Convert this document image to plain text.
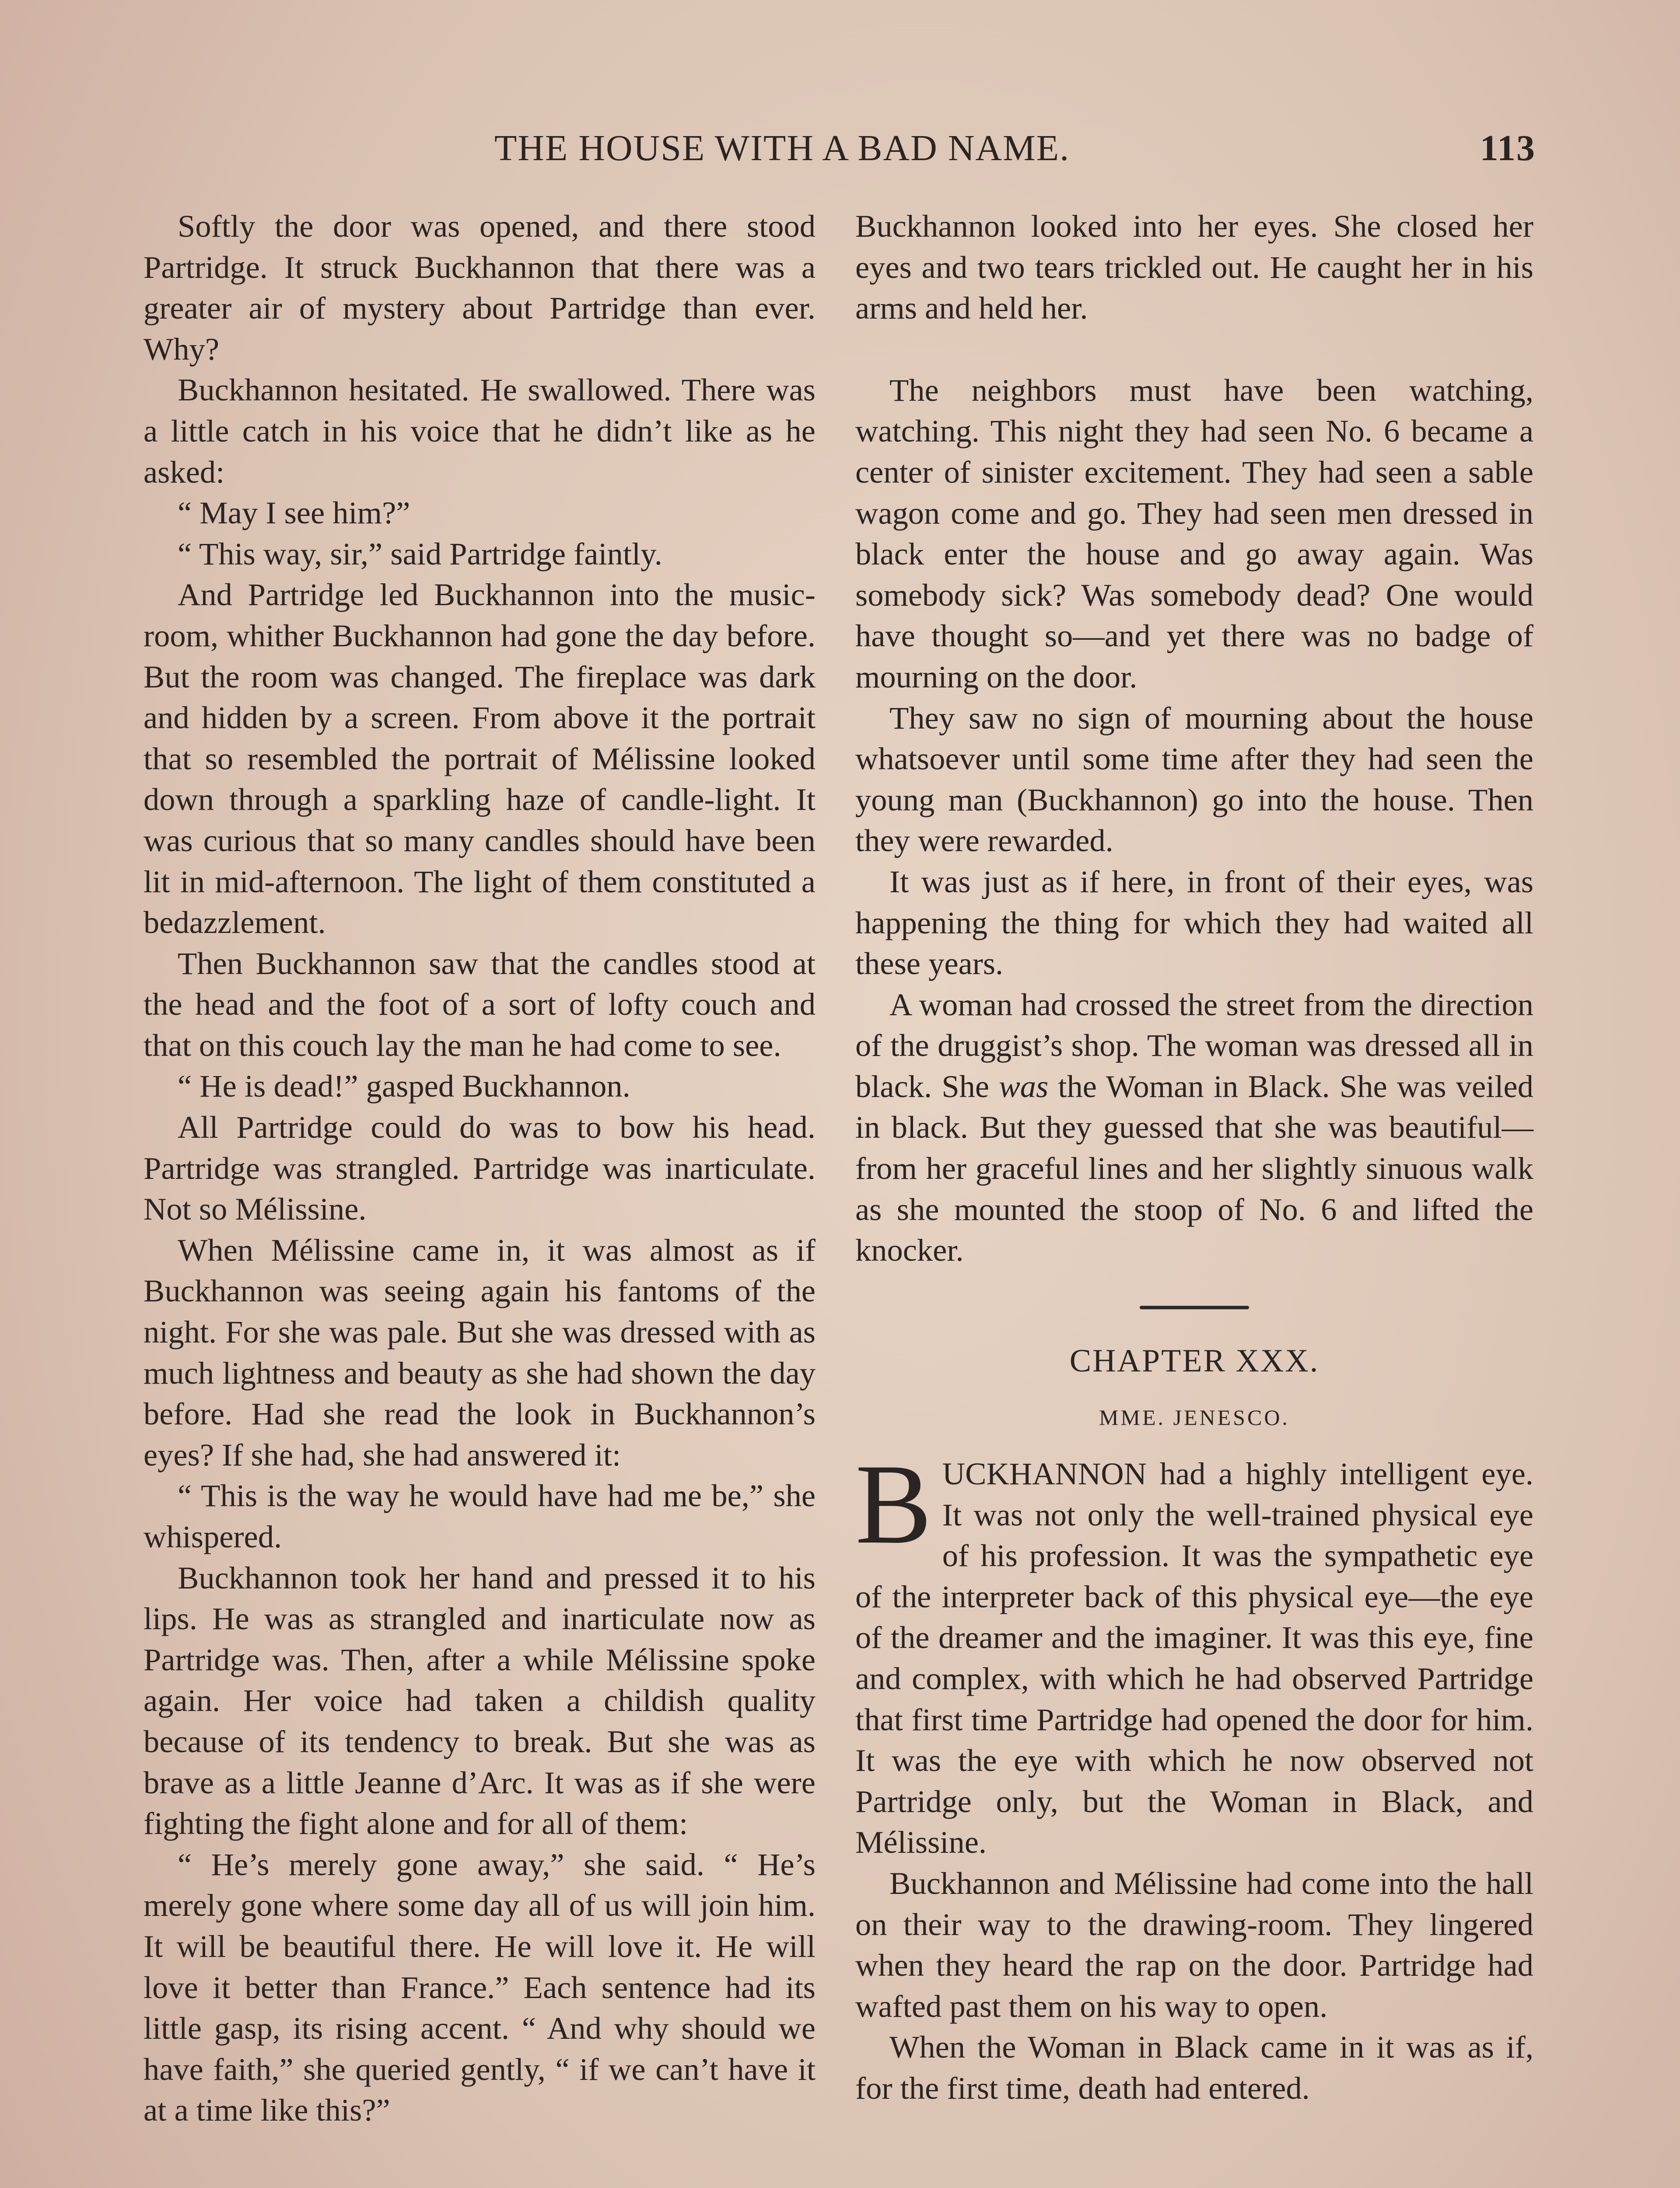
THE HOUSE WITH A BAD NAME.	113

Softly the door was opened, and there stood Partridge. It struck Buckhannon that there was a greater air of mystery about Partridge than ever. Why?

Buckhannon hesitated. He swallowed. There was a little catch in his voice that he didn’t like as he asked:

“ May I see him?”

“ This way, sir,” said Partridge faintly.

And Partridge led Buckhannon into the music-room, whither Buckhannon had gone the day before. But the room was changed. The fireplace was dark and hidden by a screen. From above it the portrait that so resembled the portrait of Mélissine looked down through a sparkling haze of candle-light. It was curious that so many candles should have been lit in mid-afternoon. The light of them constituted a bedazzlement.

Then Buckhannon saw that the candles stood at the head and the foot of a sort of lofty couch and that on this couch lay the man he had come to see.

“ He is dead!” gasped Buckhannon.

All Partridge could do was to bow his head. Partridge was strangled. Partridge was inarticulate. Not so Mélissine.

When Mélissine came in, it was almost as if Buckhannon was seeing again his fantoms of the night. For she was pale. But she was dressed with as much lightness and beauty as she had shown the day before. Had she read the look in Buckhannon’s eyes? If she had, she had answered it:

“ This is the way he would have had me be,” she whispered.

Buckhannon took her hand and pressed it to his lips. He was as strangled and inarticulate now as Partridge was. Then, after a while Mélissine spoke again. Her voice had taken a childish quality because of its tendency to break. But she was as brave as a little Jeanne d’Arc. It was as if she were fighting the fight alone and for all of them:

“ He’s merely gone away,” she said. “ He’s merely gone where some day all of us will join him. It will be beautiful there. He will love it. He will love it better than France.” Each sentence had its little gasp, its rising accent. “ And why should we have faith,” she queried gently, “ if we can’t have it at a time like this?”

Buckhannon looked into her eyes. She closed her eyes and two tears trickled out. He caught her in his arms and held her.

The neighbors must have been watching, watching. This night they had seen No. 6 became a center of sinister excitement. They had seen a sable wagon come and go. They had seen men dressed in black enter the house and go away again. Was somebody sick? Was somebody dead? One would have thought so—and yet there was no badge of mourning on the door.

They saw no sign of mourning about the house whatsoever until some time after they had seen the young man (Buckhannon) go into the house. Then they were rewarded.

It was just as if here, in front of their eyes, was happening the thing for which they had waited all these years.

A woman had crossed the street from the direction of the druggist’s shop. The woman was dressed all in black. She was the Woman in Black. She was veiled in black. But they guessed that she was beautiful—from her graceful lines and her slightly sinuous walk as she mounted the stoop of No. 6 and lifted the knocker.

CHAPTER XXX.
MME. JENESCO.

BUCKHANNON had a highly intelligent eye. It was not only the well-trained physical eye of his profession. It was the sympathetic eye of the interpreter back of this physical eye—the eye of the dreamer and the imaginer. It was this eye, fine and complex, with which he had observed Partridge that first time Partridge had opened the door for him. It was the eye with which he now observed not Partridge only, but the Woman in Black, and Mélissine.

Buckhannon and Mélissine had come into the hall on their way to the drawing-room. They lingered when they heard the rap on the door. Partridge had wafted past them on his way to open.

When the Woman in Black came in it was as if, for the first time, death had entered.
